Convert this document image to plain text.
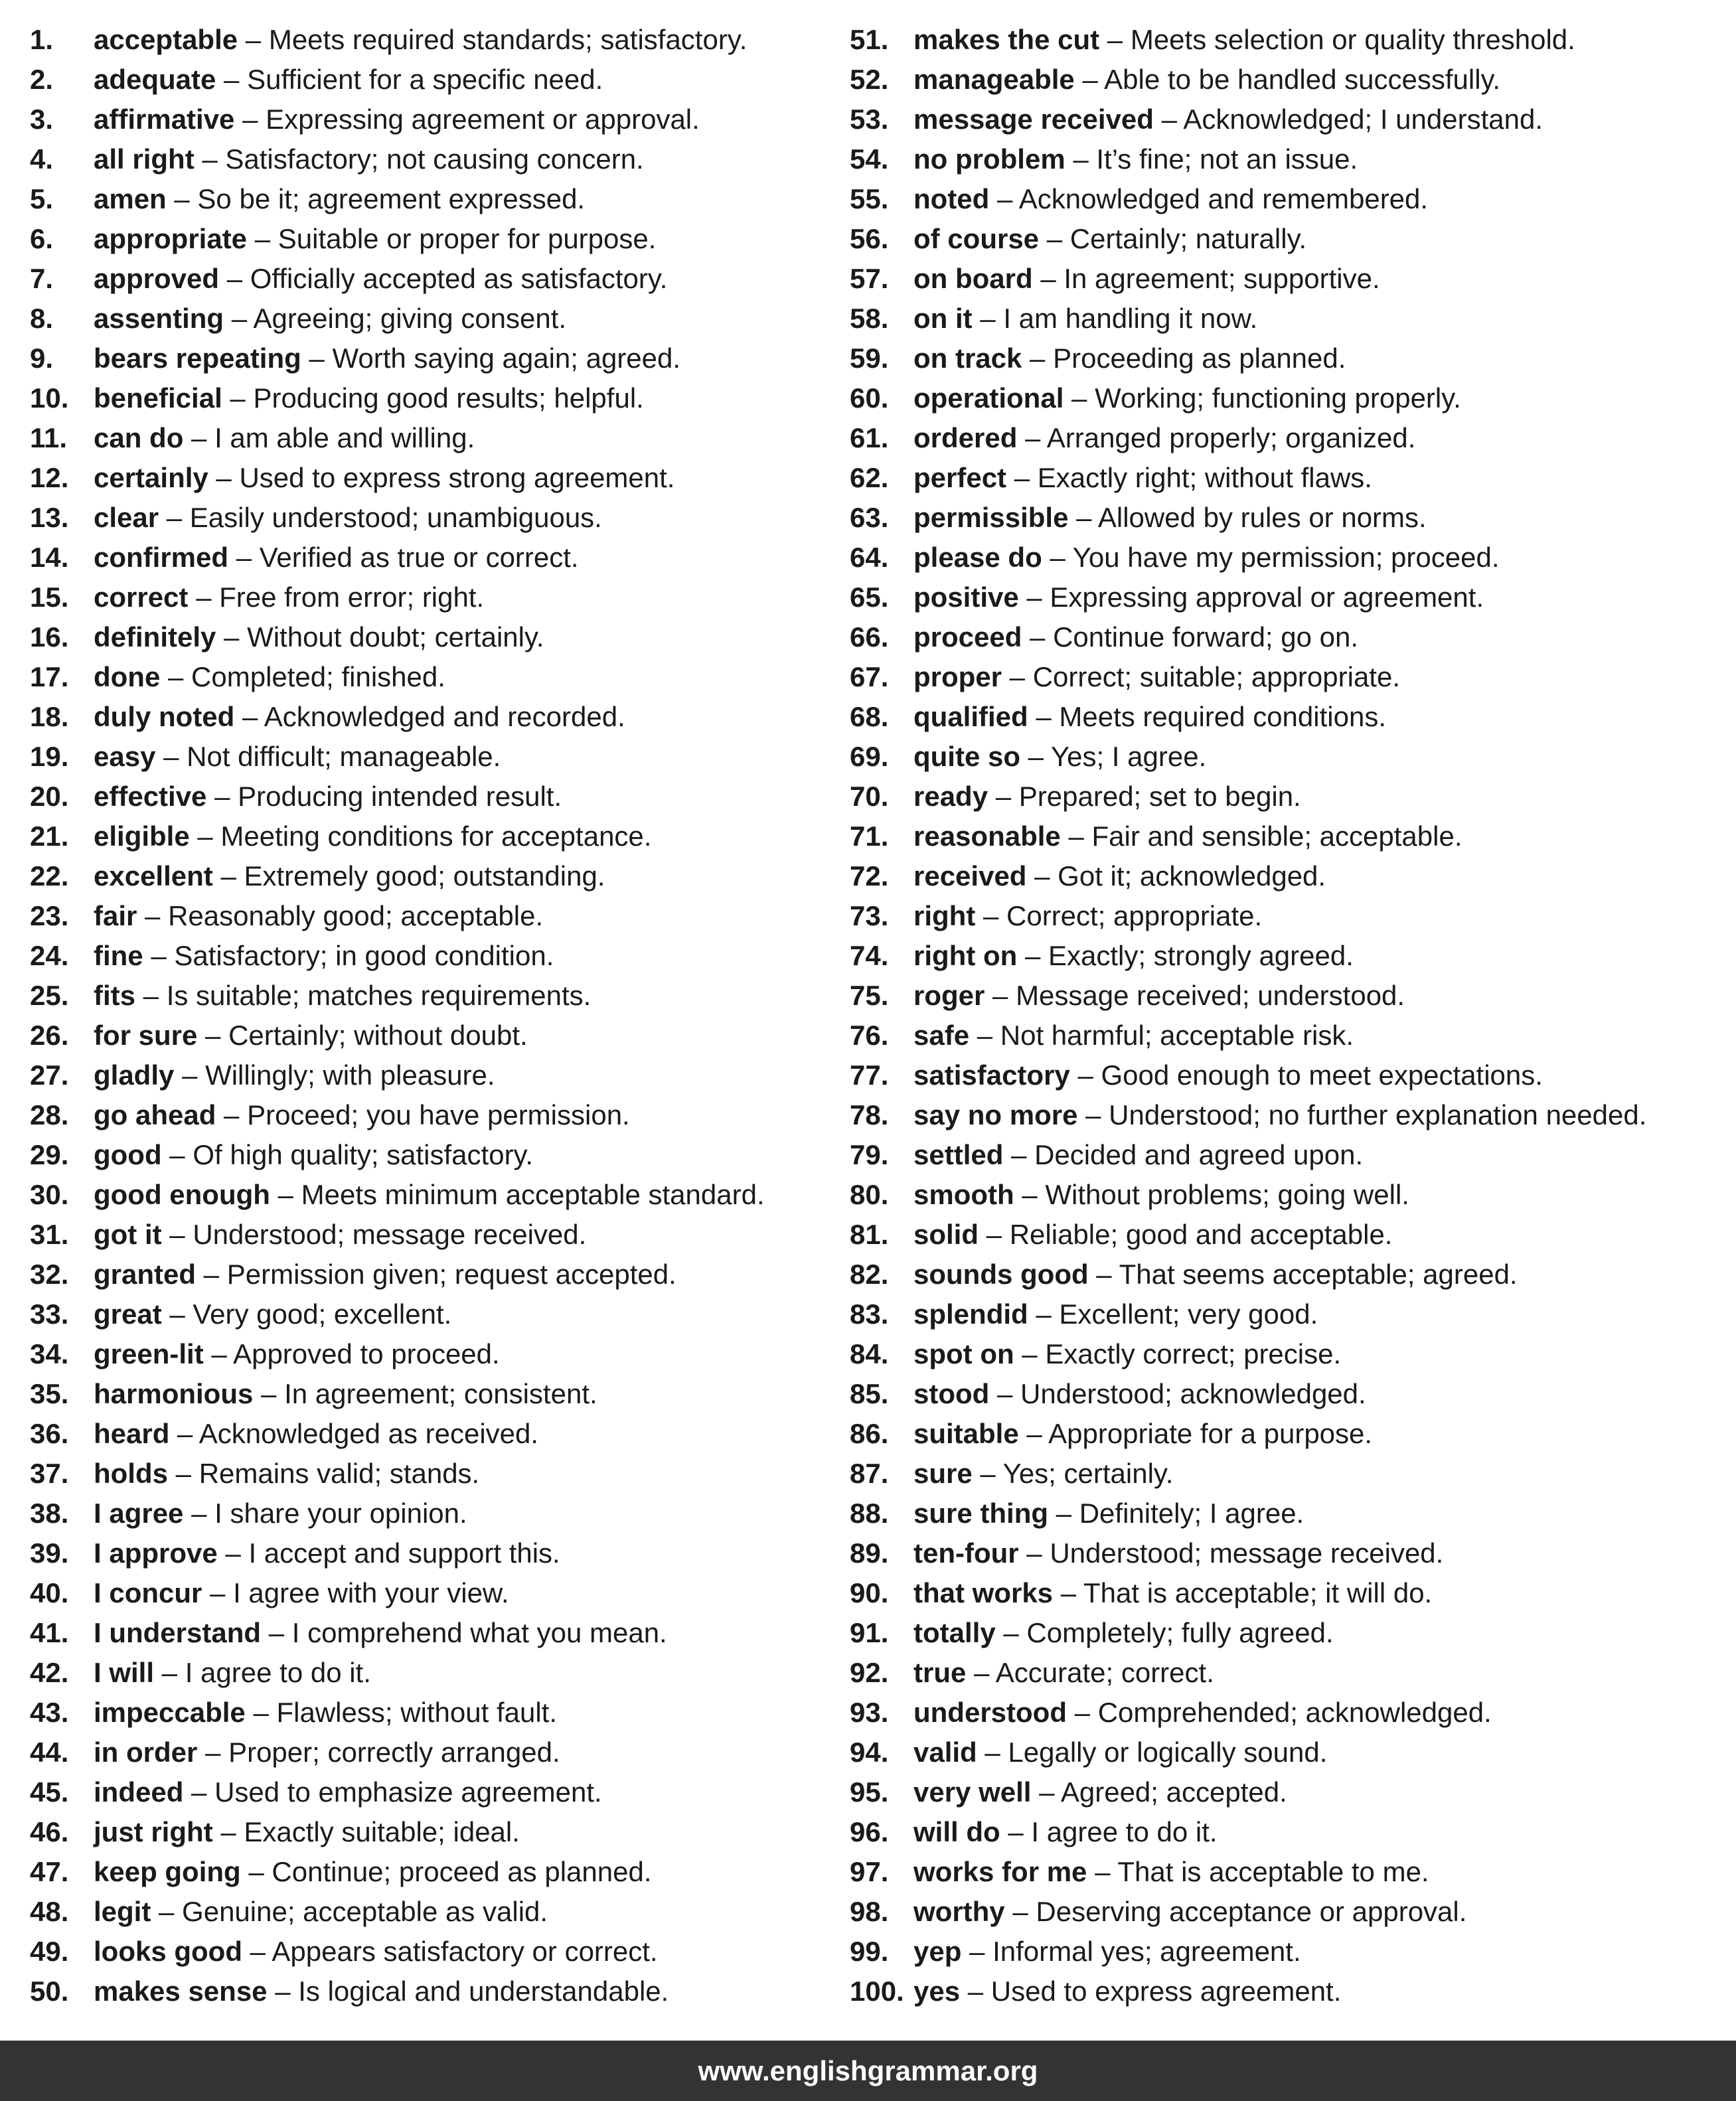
1. acceptable – Meets required standards; satisfactory.
2. adequate – Sufficient for a specific need.
3. affirmative – Expressing agreement or approval.
4. all right – Satisfactory; not causing concern.
5. amen – So be it; agreement expressed.
6. appropriate – Suitable or proper for purpose.
7. approved – Officially accepted as satisfactory.
8. assenting – Agreeing; giving consent.
9. bears repeating – Worth saying again; agreed.
10. beneficial – Producing good results; helpful.
11. can do – I am able and willing.
12. certainly – Used to express strong agreement.
13. clear – Easily understood; unambiguous.
14. confirmed – Verified as true or correct.
15. correct – Free from error; right.
16. definitely – Without doubt; certainly.
17. done – Completed; finished.
18. duly noted – Acknowledged and recorded.
19. easy – Not difficult; manageable.
20. effective – Producing intended result.
21. eligible – Meeting conditions for acceptance.
22. excellent – Extremely good; outstanding.
23. fair – Reasonably good; acceptable.
24. fine – Satisfactory; in good condition.
25. fits – Is suitable; matches requirements.
26. for sure – Certainly; without doubt.
27. gladly – Willingly; with pleasure.
28. go ahead – Proceed; you have permission.
29. good – Of high quality; satisfactory.
30. good enough – Meets minimum acceptable standard.
31. got it – Understood; message received.
32. granted – Permission given; request accepted.
33. great – Very good; excellent.
34. green-lit – Approved to proceed.
35. harmonious – In agreement; consistent.
36. heard – Acknowledged as received.
37. holds – Remains valid; stands.
38. I agree – I share your opinion.
39. I approve – I accept and support this.
40. I concur – I agree with your view.
41. I understand – I comprehend what you mean.
42. I will – I agree to do it.
43. impeccable – Flawless; without fault.
44. in order – Proper; correctly arranged.
45. indeed – Used to emphasize agreement.
46. just right – Exactly suitable; ideal.
47. keep going – Continue; proceed as planned.
48. legit – Genuine; acceptable as valid.
49. looks good – Appears satisfactory or correct.
50. makes sense – Is logical and understandable.
51. makes the cut – Meets selection or quality threshold.
52. manageable – Able to be handled successfully.
53. message received – Acknowledged; I understand.
54. no problem – It’s fine; not an issue.
55. noted – Acknowledged and remembered.
56. of course – Certainly; naturally.
57. on board – In agreement; supportive.
58. on it – I am handling it now.
59. on track – Proceeding as planned.
60. operational – Working; functioning properly.
61. ordered – Arranged properly; organized.
62. perfect – Exactly right; without flaws.
63. permissible – Allowed by rules or norms.
64. please do – You have my permission; proceed.
65. positive – Expressing approval or agreement.
66. proceed – Continue forward; go on.
67. proper – Correct; suitable; appropriate.
68. qualified – Meets required conditions.
69. quite so – Yes; I agree.
70. ready – Prepared; set to begin.
71. reasonable – Fair and sensible; acceptable.
72. received – Got it; acknowledged.
73. right – Correct; appropriate.
74. right on – Exactly; strongly agreed.
75. roger – Message received; understood.
76. safe – Not harmful; acceptable risk.
77. satisfactory – Good enough to meet expectations.
78. say no more – Understood; no further explanation needed.
79. settled – Decided and agreed upon.
80. smooth – Without problems; going well.
81. solid – Reliable; good and acceptable.
82. sounds good – That seems acceptable; agreed.
83. splendid – Excellent; very good.
84. spot on – Exactly correct; precise.
85. stood – Understood; acknowledged.
86. suitable – Appropriate for a purpose.
87. sure – Yes; certainly.
88. sure thing – Definitely; I agree.
89. ten-four – Understood; message received.
90. that works – That is acceptable; it will do.
91. totally – Completely; fully agreed.
92. true – Accurate; correct.
93. understood – Comprehended; acknowledged.
94. valid – Legally or logically sound.
95. very well – Agreed; accepted.
96. will do – I agree to do it.
97. works for me – That is acceptable to me.
98. worthy – Deserving acceptance or approval.
99. yep – Informal yes; agreement.
100. yes – Used to express agreement.
www.englishgrammar.org
